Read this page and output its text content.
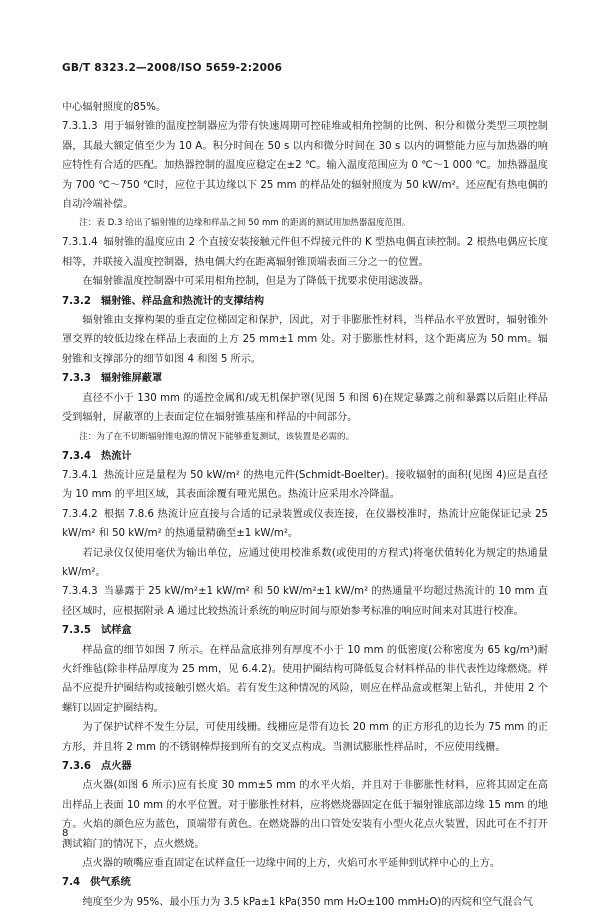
GB/T 8323.2—2008/ISO 5659-2:2006

中心辐射照度的85%。

7.3.1.3 用于辐射锥的温度控制器应为带有快速周期可控硅堆或相角控制的比例、积分和微分类型三项控制器，其最大额定值至少为 10 A。积分时间在 50 s 以内和微分时间在 30 s 以内的调整能力应与加热器的响应特性有合适的匹配。加热器控制的温度应稳定在±2 ℃。输入温度范围应为 0 ℃～1 000 ℃。加热器温度为 700 ℃～750 ℃时，应位于其边缘以下 25 mm 的样品处的辐射照度为 50 kW/m²。还应配有热电偶的自动冷端补偿。

注：表 D.3 给出了辐射锥的边缘和样品之间 50 mm 的距离的测试用加热器温度范围。

7.3.1.4 辐射锥的温度应由 2 个直接安装接触元件但不焊接元件的 K 型热电偶直读控制。2 根热电偶应长度相等，并联接入温度控制器，热电偶大约在距离辐射锥顶端表面三分之一的位置。

在辐射锥温度控制器中可采用相角控制，但是为了降低干扰要求使用滤波器。

7.3.2 辐射锥、样品盒和热流计的支撑结构

辐射锥由支撑构架的垂直定位梯固定和保护，因此，对于非膨胀性材料，当样品水平放置时，辐射锥外罩交界的较低边缘在样品上表面的上方 25 mm±1 mm 处。对于膨胀性材料，这个距离应为 50 mm。辐射锥和支撑部分的细节如图 4 和图 5 所示。

7.3.3 辐射锥屏蔽罩

直径不小于 130 mm 的遥控金属和/或无机保护罩(见图 5 和图 6)在规定暴露之前和暴露以后阻止样品受到辐射，屏蔽罩的上表面定位在辐射锥基座和样品的中间部分。

注：为了在不切断辐射锥电源的情况下能够重复测试，该装置是必需的。

7.3.4 热流计

7.3.4.1 热流计应是量程为 50 kW/m² 的热电元件(Schmidt-Boelter)。接收辐射的面积(见图 4)应是直径为 10 mm 的平坦区域，其表面涂覆有哑光黑色。热流计应采用水冷降温。

7.3.4.2 根据 7.8.6 热流计应直接与合适的记录装置或仪表连接，在仪器校准时，热流计应能保证记录 25 kW/m² 和 50 kW/m² 的热通量精确至±1 kW/m²。

若记录仪仅使用毫伏为输出单位，应通过使用校准系数(或使用的方程式)将毫伏值转化为规定的热通量 kW/m²。

7.3.4.3 当暴露于 25 kW/m²±1 kW/m² 和 50 kW/m²±1 kW/m² 的热通量平均超过热流计的 10 mm 直径区域时，应根据附录 A 通过比较热流计系统的响应时间与原始参考标准的响应时间来对其进行校准。

7.3.5 试样盒

样品盒的细节如图 7 所示。在样品盒底排列有厚度不小于 10 mm 的低密度(公称密度为 65 kg/m³)耐火纤维毡(除非样品厚度为 25 mm，见 6.4.2)。使用护圈结构可降低复合材料样品的非代表性边缘燃烧。样品不应提升护圈结构或接触引燃火焰。若有发生这种情况的风险，则应在样品盒或框架上钻孔，并使用 2 个螺钉以固定护圈结构。

为了保护试样不发生分层，可使用线栅。线栅应是带有边长 20 mm 的正方形孔的边长为 75 mm 的正方形，并且将 2 mm 的不锈钢棒焊接到所有的交叉点构成。当测试膨胀性样品时，不应使用线栅。

7.3.6 点火器

点火器(如图 6 所示)应有长度 30 mm±5 mm 的水平火焰，并且对于非膨胀性材料，应将其固定在高出样品上表面 10 mm 的水平位置。对于膨胀性材料，应将燃烧器固定在低于辐射锥底部边缘 15 mm 的地方。火焰的颜色应为蓝色，顶端带有黄色。在燃烧器的出口管处安装有小型火花点火装置，因此可在不打开测试箱门的情况下，点火燃烧。

点火器的喷嘴应垂直固定在试样盒任一边缘中间的上方，火焰可水平延伸到试样中心的上方。

7.4 供气系统

纯度至少为 95%、最小压力为 3.5 kPa±1 kPa(350 mm H₂O±100 mmH₂O)的丙烷和空气混合气

8
